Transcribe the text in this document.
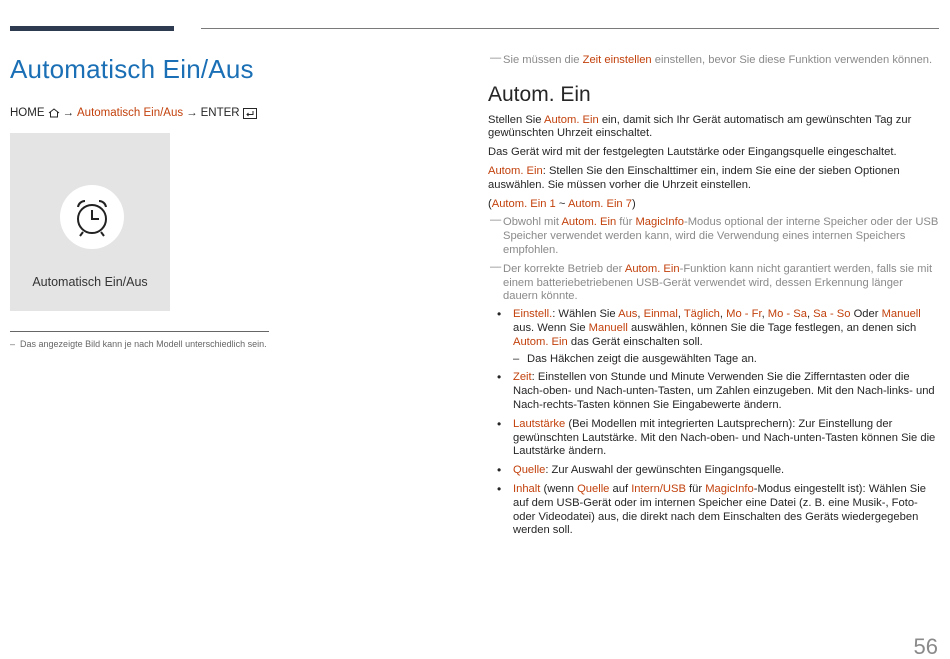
Automatisch Ein/Aus
HOME → Automatisch Ein/Aus → ENTER
Automatisch Ein/Aus
– Das angezeigte Bild kann je nach Modell unterschiedlich sein.
― Sie müssen die Zeit einstellen einstellen, bevor Sie diese Funktion verwenden können.
Autom. Ein

Stellen Sie Autom. Ein ein, damit sich Ihr Gerät automatisch am gewünschten Tag zur gewünschten Uhrzeit einschaltet.

Das Gerät wird mit der festgelegten Lautstärke oder Eingangsquelle eingeschaltet.

Autom. Ein: Stellen Sie den Einschalttimer ein, indem Sie eine der sieben Optionen auswählen. Sie müssen vorher die Uhrzeit einstellen.

(Autom. Ein 1 ~ Autom. Ein 7)

― Obwohl mit Autom. Ein für MagicInfo-Modus optional der interne Speicher oder der USB Speicher verwendet werden kann, wird die Verwendung eines internen Speichers empfohlen.
― Der korrekte Betrieb der Autom. Ein-Funktion kann nicht garantiert werden, falls sie mit einem batteriebetriebenen USB-Gerät verwendet wird, dessen Erkennung länger dauern könnte.
• Einstell.: Wählen Sie Aus, Einmal, Täglich, Mo - Fr, Mo - Sa, Sa - So Oder Manuell aus. Wenn Sie Manuell auswählen, können Sie die Tage festlegen, an denen sich Autom. Ein das Gerät einschalten soll.
– Das Häkchen zeigt die ausgewählten Tage an.
• Zeit: Einstellen von Stunde und Minute Verwenden Sie die Zifferntasten oder die Nach-oben- und Nach-unten-Tasten, um Zahlen einzugeben. Mit den Nach-links- und Nach-rechts-Tasten können Sie Eingabewerte ändern.
• Lautstärke (Bei Modellen mit integrierten Lautsprechern): Zur Einstellung der gewünschten Lautstärke. Mit den Nach-oben- und Nach-unten-Tasten können Sie die Lautstärke ändern.
• Quelle: Zur Auswahl der gewünschten Eingangsquelle.
• Inhalt (wenn Quelle auf Intern/USB für MagicInfo-Modus eingestellt ist): Wählen Sie auf dem USB-Gerät oder im internen Speicher eine Datei (z. B. eine Musik-, Foto- oder Videodatei) aus, die direkt nach dem Einschalten des Geräts wiedergegeben werden soll.
56
